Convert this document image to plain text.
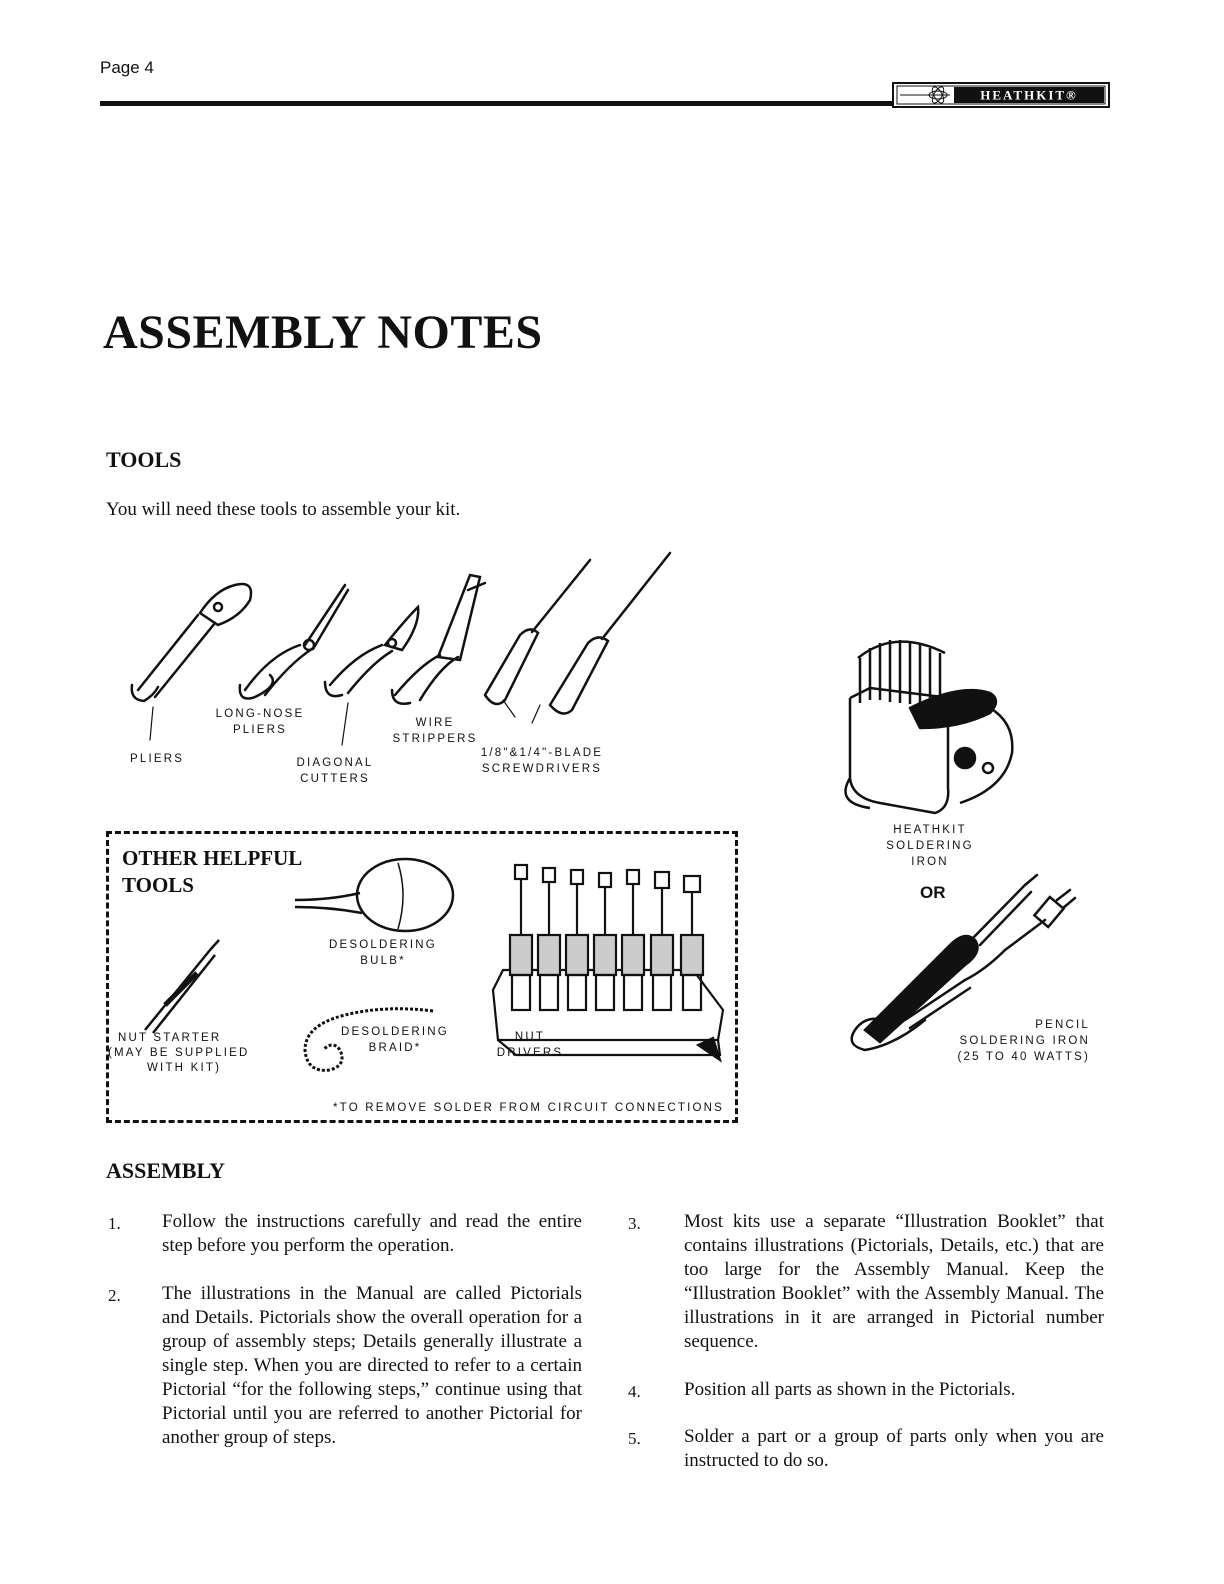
Page 4
HEATHKIT®
ASSEMBLY NOTES
TOOLS
You will need these tools to assemble your kit.
PLIERS
LONG-NOSE
PLIERS
DIAGONAL
CUTTERS
WIRE
STRIPPERS
1/8"&1/4"-BLADE
SCREWDRIVERS
HEATHKIT
SOLDERING
IRON
OR
PENCIL
SOLDERING IRON
(25 TO 40 WATTS)
OTHER HELPFUL
TOOLS
DESOLDERING
BULB*
NUT STARTER
(MAY BE SUPPLIED
WITH KIT)
DESOLDERING
BRAID*
NUT
DRIVERS
*TO REMOVE SOLDER FROM CIRCUIT CONNECTIONS
ASSEMBLY
1. Follow the instructions carefully and read the entire step before you perform the operation.
2. The illustrations in the Manual are called Pictorials and Details. Pictorials show the overall operation for a group of assembly steps; Details generally illustrate a single step. When you are directed to refer to a certain Pictorial “for the following steps,” continue using that Pictorial until you are referred to another Pictorial for another group of steps.
3. Most kits use a separate “Illustration Booklet” that contains illustrations (Pictorials, Details, etc.) that are too large for the Assembly Manual. Keep the “Illustration Booklet” with the Assembly Manual. The illustrations in it are arranged in Pictorial number sequence.
4. Position all parts as shown in the Pictorials.
5. Solder a part or a group of parts only when you are instructed to do so.
